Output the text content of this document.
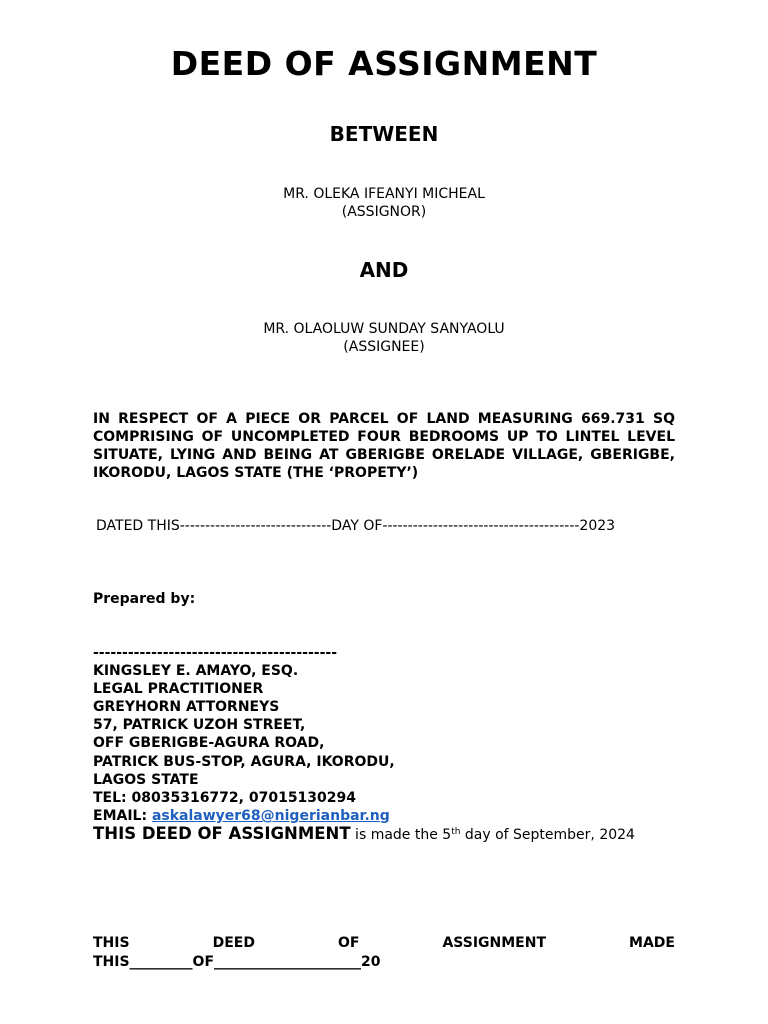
DEED OF ASSIGNMENT
BETWEEN
MR. OLEKA IFEANYI MICHEAL
(ASSIGNOR)
AND
MR. OLAOLUW SUNDAY SANYAOLU
(ASSIGNEE)
IN RESPECT OF A PIECE OR PARCEL OF LAND MEASURING 669.731 SQ COMPRISING OF UNCOMPLETED FOUR BEDROOMS UP TO LINTEL LEVEL SITUATE, LYING AND BEING AT GBERIGBE ORELADE VILLAGE, GBERIGBE, IKORODU, LAGOS STATE (THE ‘PROPETY’)
DATED THIS------------------------------DAY OF---------------------------------------2023
Prepared by:
------------------------------------------
KINGSLEY E. AMAYO, ESQ.
LEGAL PRACTITIONER
GREYHORN ATTORNEYS
57, PATRICK UZOH STREET,
OFF GBERIGBE-AGURA ROAD,
PATRICK BUS-STOP, AGURA, IKORODU,
LAGOS STATE
TEL: 08035316772, 07015130294
EMAIL: askalawyer68@nigerianbar.ng
THIS DEED OF ASSIGNMENT is made the 5th day of September, 2024
THIS	DEED	OF	ASSIGNMENT	MADE
THIS_________OF_____________________20
